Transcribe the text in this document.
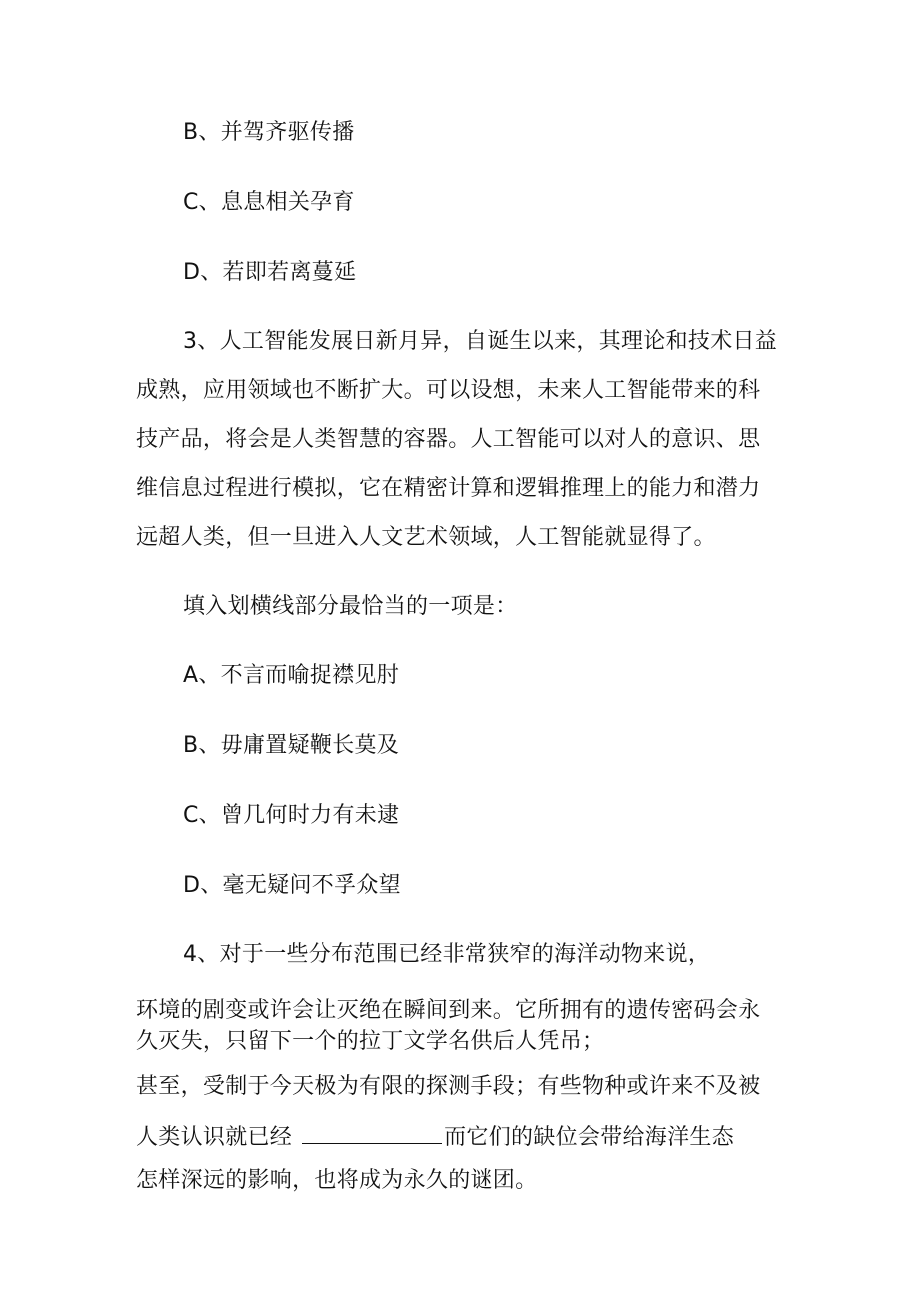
B、并驾齐驱传播
C、息息相关孕育
D、若即若离蔓延
3、人工智能发展日新月异，自诞生以来，其理论和技术日益
成熟，应用领域也不断扩大。可以设想，未来人工智能带来的科
技产品，将会是人类智慧的容器。人工智能可以对人的意识、思
维信息过程进行模拟，它在精密计算和逻辑推理上的能力和潜力
远超人类，但一旦进入人文艺术领域，人工智能就显得了。
填入划横线部分最恰当的一项是：
A、不言而喻捉襟见肘
B、毋庸置疑鞭长莫及
C、曾几何时力有未逮
D、毫无疑问不孚众望
4、对于一些分布范围已经非常狭窄的海洋动物来说，
环境的剧变或许会让灭绝在瞬间到来。它所拥有的遗传密码会永
久灭失，只留下一个的拉丁文学名供后人凭吊；
甚至，受制于今天极为有限的探测手段；有些物种或许来不及被
人类认识就已经	而它们的缺位会带给海洋生态
怎样深远的影响，也将成为永久的谜团。
